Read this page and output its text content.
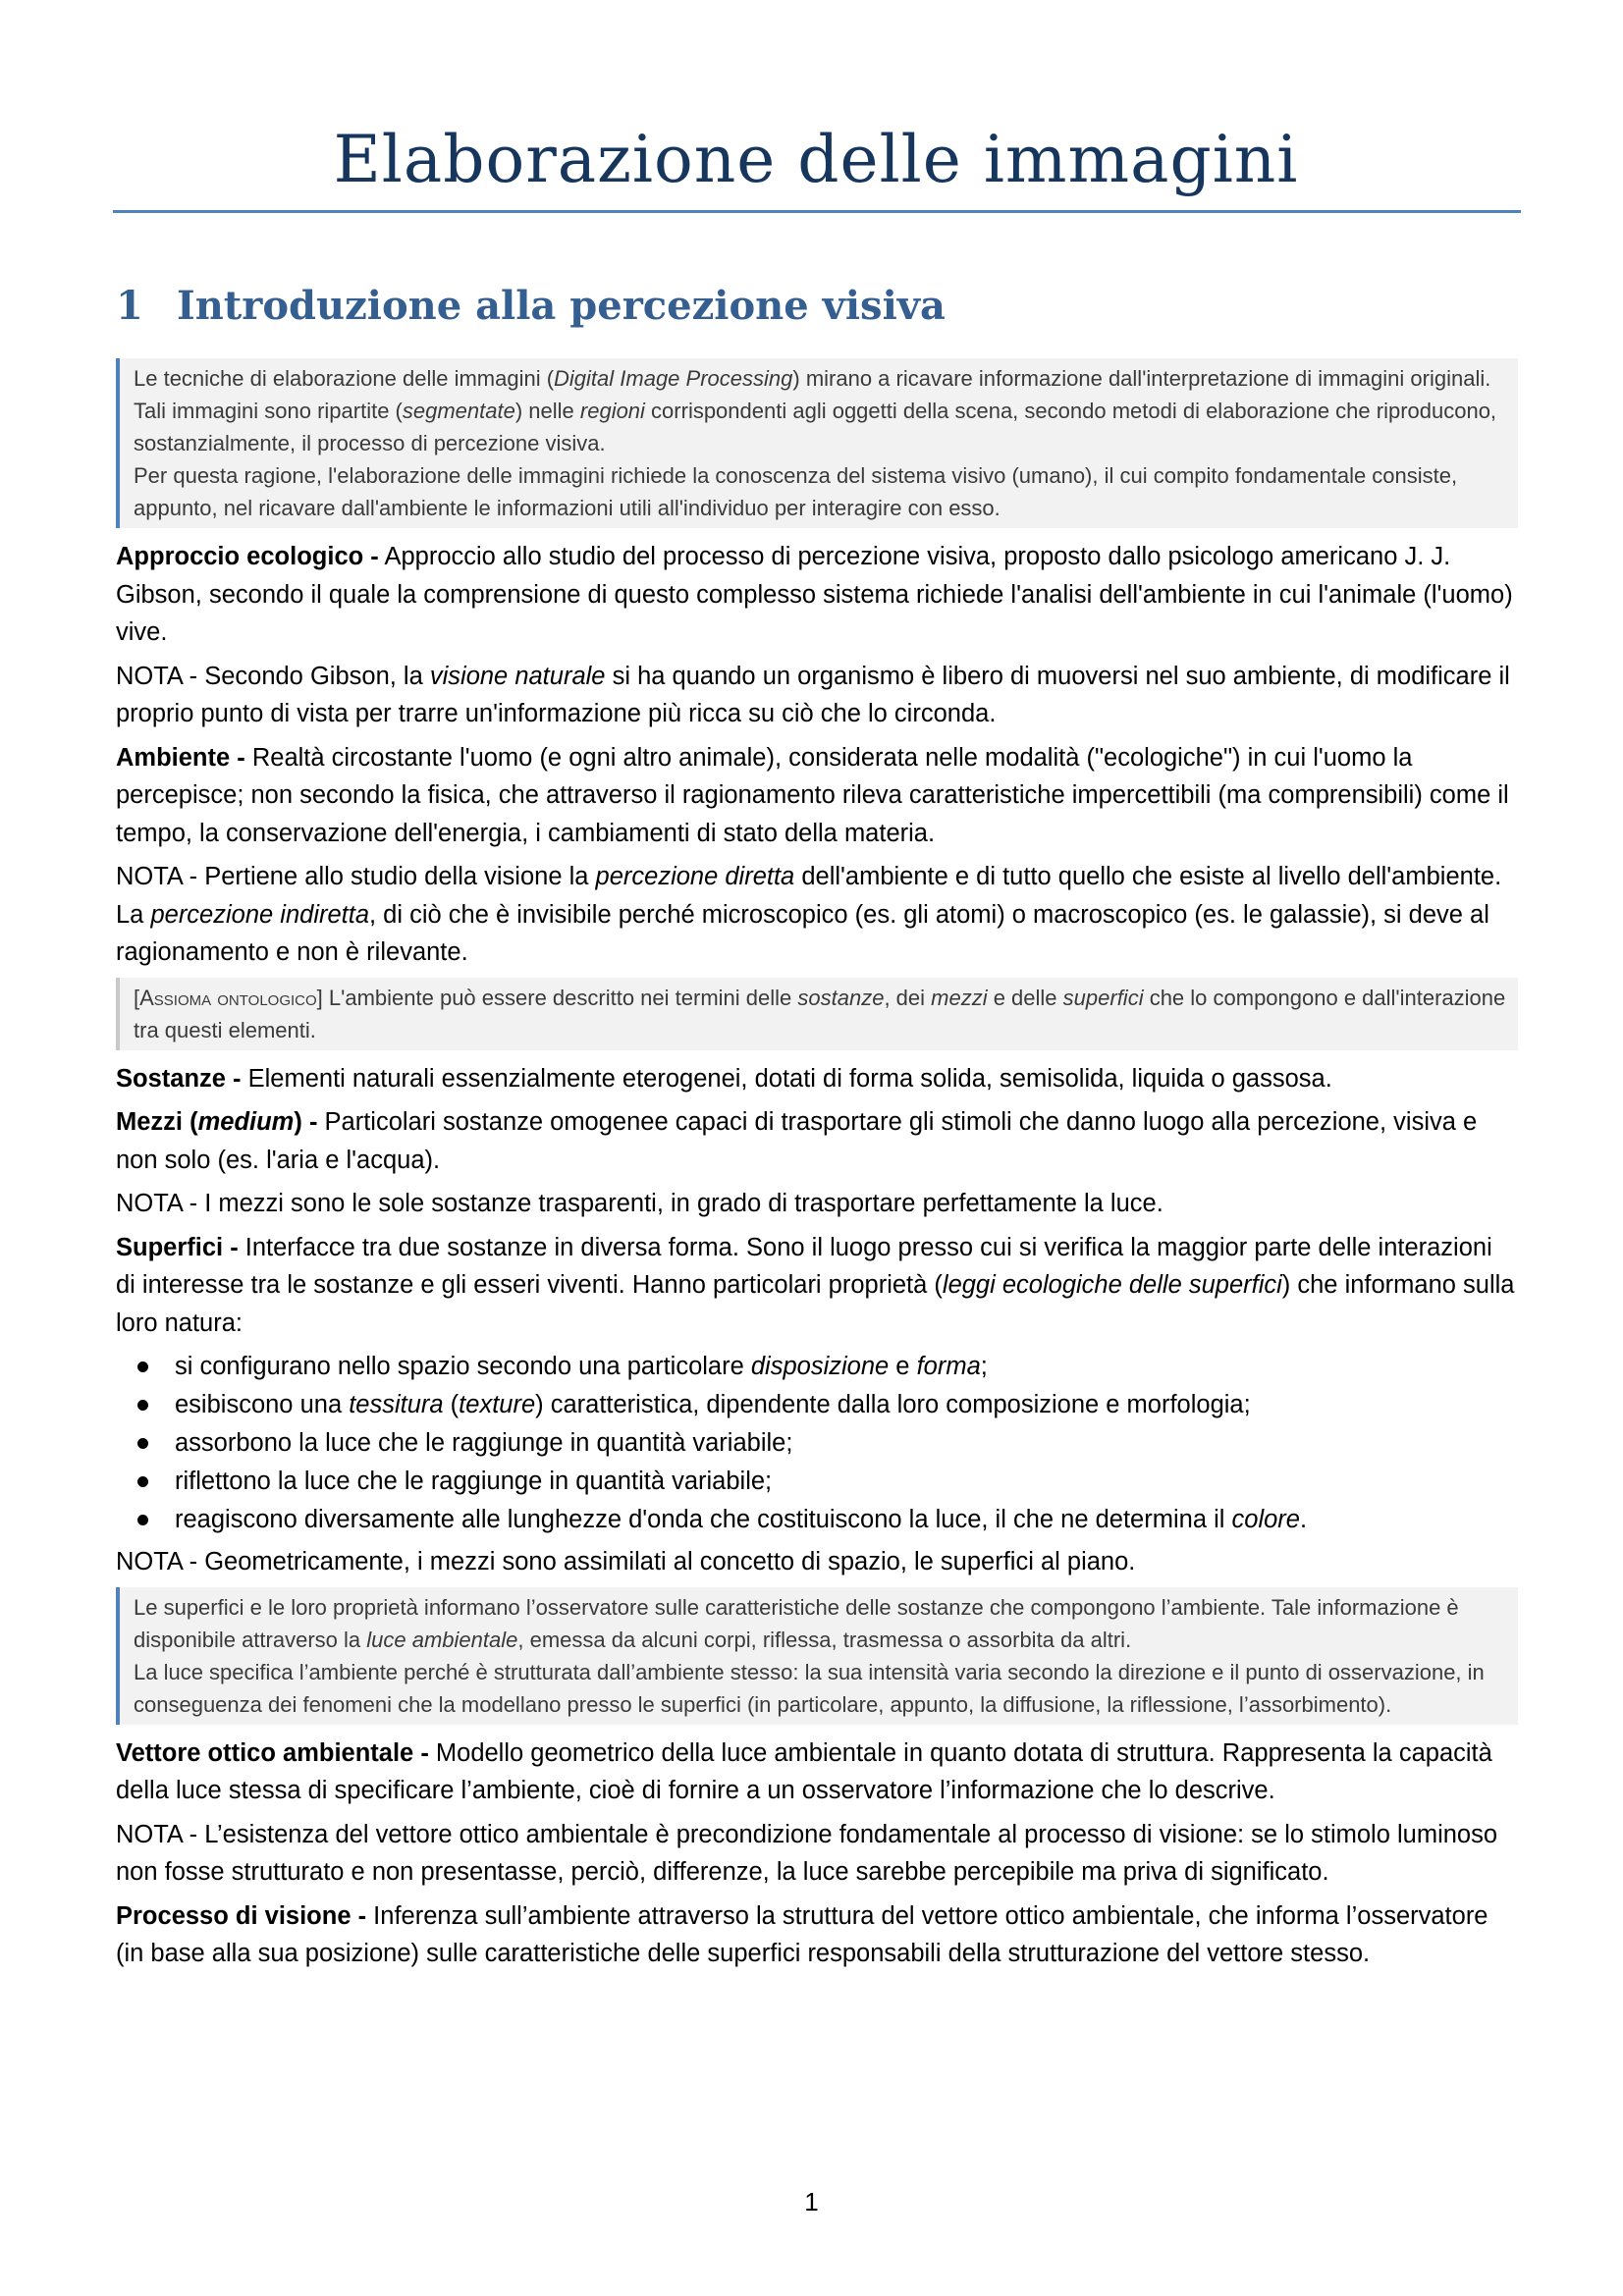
Elaborazione delle immagini
1 Introduzione alla percezione visiva

Le tecniche di elaborazione delle immagini (Digital Image Processing) mirano a ricavare informazione dall'interpretazione di immagini originali. Tali immagini sono ripartite (segmentate) nelle regioni corrispondenti agli oggetti della scena, secondo metodi di elaborazione che riproducono, sostanzialmente, il processo di percezione visiva.

Per questa ragione, l'elaborazione delle immagini richiede la conoscenza del sistema visivo (umano), il cui compito fondamentale consiste, appunto, nel ricavare dall'ambiente le informazioni utili all'individuo per interagire con esso.

Approccio ecologico - Approccio allo studio del processo di percezione visiva, proposto dallo psicologo americano J. J. Gibson, secondo il quale la comprensione di questo complesso sistema richiede l'analisi dell'ambiente in cui l'animale (l'uomo) vive.

NOTA - Secondo Gibson, la visione naturale si ha quando un organismo è libero di muoversi nel suo ambiente, di modificare il proprio punto di vista per trarre un'informazione più ricca su ciò che lo circonda.

Ambiente - Realtà circostante l'uomo (e ogni altro animale), considerata nelle modalità ("ecologiche") in cui l'uomo la percepisce; non secondo la fisica, che attraverso il ragionamento rileva caratteristiche impercettibili (ma comprensibili) come il tempo, la conservazione dell'energia, i cambiamenti di stato della materia.

NOTA - Pertiene allo studio della visione la percezione diretta dell'ambiente e di tutto quello che esiste al livello dell'ambiente. La percezione indiretta, di ciò che è invisibile perché microscopico (es. gli atomi) o macroscopico (es. le galassie), si deve al ragionamento e non è rilevante.

[Assioma ontologico] L'ambiente può essere descritto nei termini delle sostanze, dei mezzi e delle superfici che lo compongono e dall'interazione tra questi elementi.

Sostanze - Elementi naturali essenzialmente eterogenei, dotati di forma solida, semisolida, liquida o gassosa.

Mezzi (medium) - Particolari sostanze omogenee capaci di trasportare gli stimoli che danno luogo alla percezione, visiva e non solo (es. l'aria e l'acqua).

NOTA - I mezzi sono le sole sostanze trasparenti, in grado di trasportare perfettamente la luce.

Superfici - Interfacce tra due sostanze in diversa forma. Sono il luogo presso cui si verifica la maggior parte delle interazioni di interesse tra le sostanze e gli esseri viventi. Hanno particolari proprietà (leggi ecologiche delle superfici) che informano sulla loro natura:

si configurano nello spazio secondo una particolare disposizione e forma;
esibiscono una tessitura (texture) caratteristica, dipendente dalla loro composizione e morfologia;
assorbono la luce che le raggiunge in quantità variabile;
riflettono la luce che le raggiunge in quantità variabile;
reagiscono diversamente alle lunghezze d'onda che costituiscono la luce, il che ne determina il colore.

NOTA - Geometricamente, i mezzi sono assimilati al concetto di spazio, le superfici al piano.

Le superfici e le loro proprietà informano l’osservatore sulle caratteristiche delle sostanze che compongono l’ambiente. Tale informazione è disponibile attraverso la luce ambientale, emessa da alcuni corpi, riflessa, trasmessa o assorbita da altri.

La luce specifica l’ambiente perché è strutturata dall’ambiente stesso: la sua intensità varia secondo la direzione e il punto di osservazione, in conseguenza dei fenomeni che la modellano presso le superfici (in particolare, appunto, la diffusione, la riflessione, l’assorbimento).

Vettore ottico ambientale - Modello geometrico della luce ambientale in quanto dotata di struttura. Rappresenta la capacità della luce stessa di specificare l’ambiente, cioè di fornire a un osservatore l’informazione che lo descrive.

NOTA - L’esistenza del vettore ottico ambientale è precondizione fondamentale al processo di visione: se lo stimolo luminoso non fosse strutturato e non presentasse, perciò, differenze, la luce sarebbe percepibile ma priva di significato.

Processo di visione - Inferenza sull’ambiente attraverso la struttura del vettore ottico ambientale, che informa l’osservatore (in base alla sua posizione) sulle caratteristiche delle superfici responsabili della strutturazione del vettore stesso.

1
